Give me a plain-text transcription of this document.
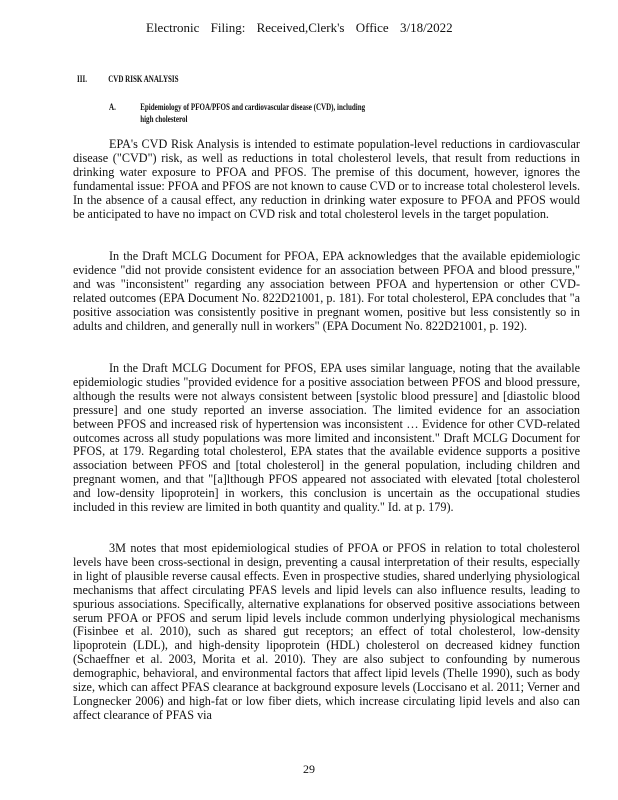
Electronic Filing: Received,Clerk's Office 3/18/2022
III. CVD RISK ANALYSIS
A.	Epidemiology of PFOA/PFOS and cardiovascular disease (CVD), including high cholesterol

EPA's CVD Risk Analysis is intended to estimate population-level reductions in cardiovascular disease ("CVD") risk, as well as reductions in total cholesterol levels, that result from reductions in drinking water exposure to PFOA and PFOS. The premise of this document, however, ignores the fundamental issue: PFOA and PFOS are not known to cause CVD or to increase total cholesterol levels. In the absence of a causal effect, any reduction in drinking water exposure to PFOA and PFOS would be anticipated to have no impact on CVD risk and total cholesterol levels in the target population.

In the Draft MCLG Document for PFOA, EPA acknowledges that the available epidemiologic evidence "did not provide consistent evidence for an association between PFOA and blood pressure," and was "inconsistent" regarding any association between PFOA and hypertension or other CVD-related outcomes (EPA Document No. 822D21001, p. 181). For total cholesterol, EPA concludes that "a positive association was consistently positive in pregnant women, positive but less consistently so in adults and children, and generally null in workers" (EPA Document No. 822D21001, p. 192).

In the Draft MCLG Document for PFOS, EPA uses similar language, noting that the available epidemiologic studies "provided evidence for a positive association between PFOS and blood pressure, although the results were not always consistent between [systolic blood pressure] and [diastolic blood pressure] and one study reported an inverse association. The limited evidence for an association between PFOS and increased risk of hypertension was inconsistent … Evidence for other CVD-related outcomes across all study populations was more limited and inconsistent." Draft MCLG Document for PFOS, at 179. Regarding total cholesterol, EPA states that the available evidence supports a positive association between PFOS and [total cholesterol] in the general population, including children and pregnant women, and that "[a]lthough PFOS appeared not associated with elevated [total cholesterol and low-density lipoprotein] in workers, this conclusion is uncertain as the occupational studies included in this review are limited in both quantity and quality." Id. at p. 179).

3M notes that most epidemiological studies of PFOA or PFOS in relation to total cholesterol levels have been cross-sectional in design, preventing a causal interpretation of their results, especially in light of plausible reverse causal effects. Even in prospective studies, shared underlying physiological mechanisms that affect circulating PFAS levels and lipid levels can also influence results, leading to spurious associations. Specifically, alternative explanations for observed positive associations between serum PFOA or PFOS and serum lipid levels include common underlying physiological mechanisms (Fisinbee et al. 2010), such as shared gut receptors; an effect of total cholesterol, low-density lipoprotein (LDL), and high-density lipoprotein (HDL) cholesterol on decreased kidney function (Schaeffner et al. 2003, Morita et al. 2010). They are also subject to confounding by numerous demographic, behavioral, and environmental factors that affect lipid levels (Thelle 1990), such as body size, which can affect PFAS clearance at background exposure levels (Loccisano et al. 2011; Verner and Longnecker 2006) and high-fat or low fiber diets, which increase circulating lipid levels and also can affect clearance of PFAS via

29
